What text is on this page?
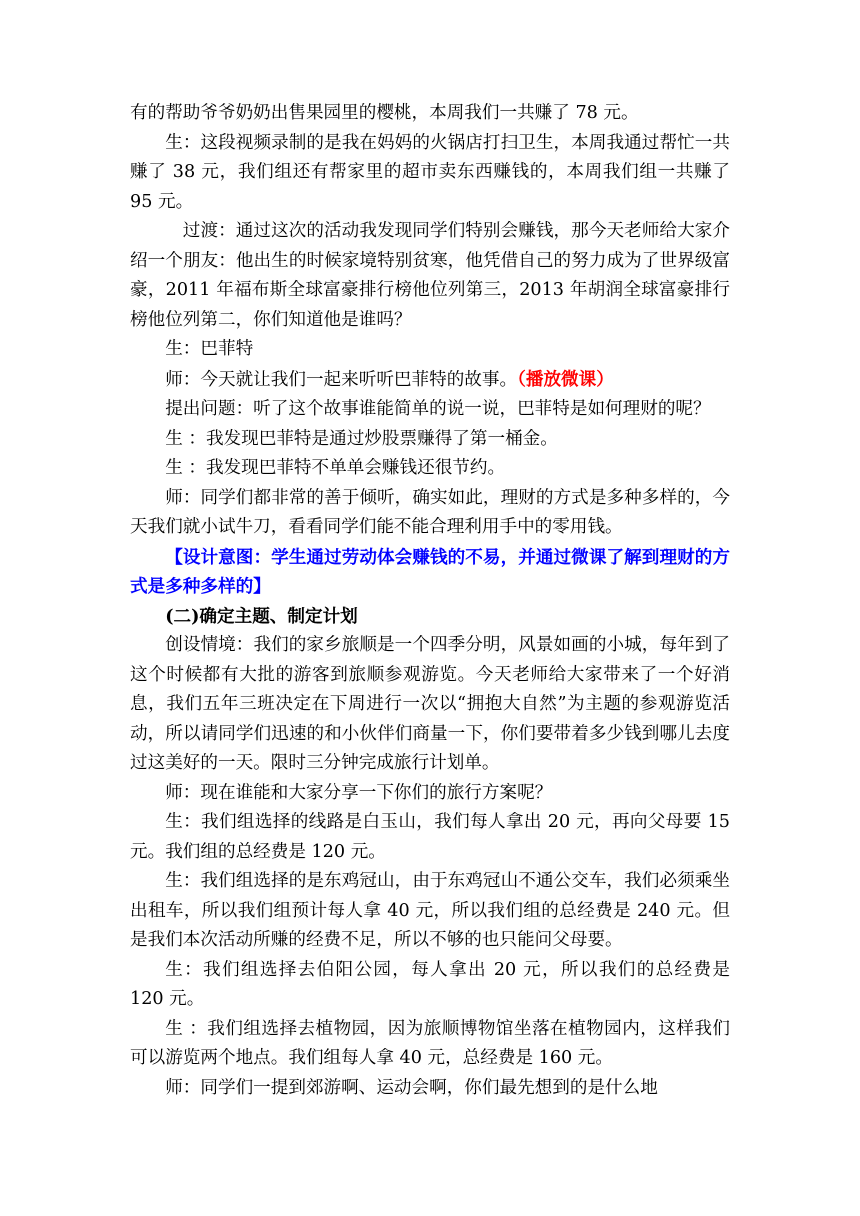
有的帮助爷爷奶奶出售果园里的樱桃，本周我们一共赚了 78 元。

生：这段视频录制的是我在妈妈的火锅店打扫卫生，本周我通过帮忙一共赚了 38 元，我们组还有帮家里的超市卖东西赚钱的，本周我们组一共赚了 95 元。

过渡：通过这次的活动我发现同学们特别会赚钱，那今天老师给大家介绍一个朋友：他出生的时候家境特别贫寒，他凭借自己的努力成为了世界级富豪，2011 年福布斯全球富豪排行榜他位列第三，2013 年胡润全球富豪排行榜他位列第二，你们知道他是谁吗？

生：巴菲特

师：今天就让我们一起来听听巴菲特的故事。（播放微课）

提出问题：听了这个故事谁能简单的说一说，巴菲特是如何理财的呢？

生 ：我发现巴菲特是通过炒股票赚得了第一桶金。

生 ：我发现巴菲特不单单会赚钱还很节约。

师：同学们都非常的善于倾听，确实如此，理财的方式是多种多样的，今天我们就小试牛刀，看看同学们能不能合理利用手中的零用钱。

【设计意图：学生通过劳动体会赚钱的不易，并通过微课了解到理财的方式是多种多样的】

(二)确定主题、制定计划

创设情境：我们的家乡旅顺是一个四季分明，风景如画的小城，每年到了这个时候都有大批的游客到旅顺参观游览。今天老师给大家带来了一个好消息，我们五年三班决定在下周进行一次以“拥抱大自然”为主题的参观游览活动，所以请同学们迅速的和小伙伴们商量一下，你们要带着多少钱到哪儿去度过这美好的一天。限时三分钟完成旅行计划单。

师：现在谁能和大家分享一下你们的旅行方案呢？

生：我们组选择的线路是白玉山，我们每人拿出 20 元，再向父母要 15 元。我们组的总经费是 120 元。

生：我们组选择的是东鸡冠山，由于东鸡冠山不通公交车，我们必须乘坐出租车，所以我们组预计每人拿 40 元，所以我们组的总经费是 240 元。但是我们本次活动所赚的经费不足，所以不够的也只能问父母要。

生：我们组选择去伯阳公园，每人拿出 20 元，所以我们的总经费是 120 元。

生 ：我们组选择去植物园，因为旅顺博物馆坐落在植物园内，这样我们可以游览两个地点。我们组每人拿 40 元，总经费是 160 元。

师：同学们一提到郊游啊、运动会啊，你们最先想到的是什么地
